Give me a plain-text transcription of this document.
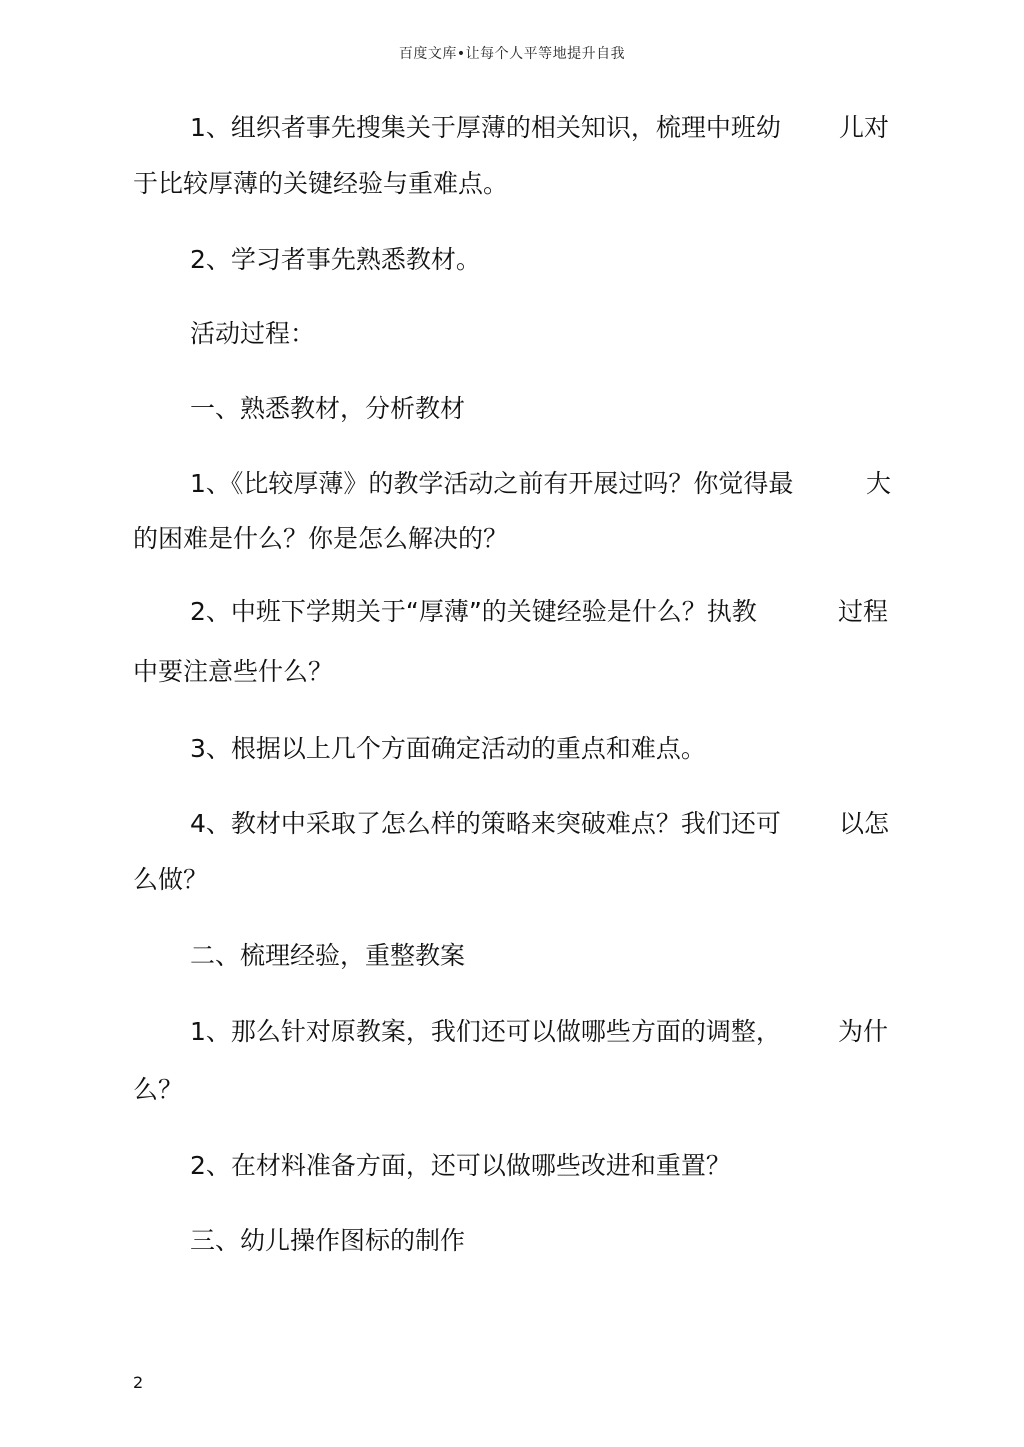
百度文库•让每个人平等地提升自我
1、组织者事先搜集关于厚薄的相关知识，梳理中班幼 儿对
于比较厚薄的关键经验与重难点。
2、学习者事先熟悉教材。
活动过程：
一、熟悉教材，分析教材
1、《比较厚薄》的教学活动之前有开展过吗？你觉得最	大
的困难是什么？你是怎么解决的？
2、中班下学期关于“厚薄”的关键经验是什么？执教	过程
中要注意些什么？
3、根据以上几个方面确定活动的重点和难点。
4、教材中采取了怎么样的策略来突破难点？我们还可 以怎
么做？
二、梳理经验，重整教案
1、那么针对原教案，我们还可以做哪些方面的调整， 为什
么？
2、在材料准备方面，还可以做哪些改进和重置？
三、幼儿操作图标的制作
2
